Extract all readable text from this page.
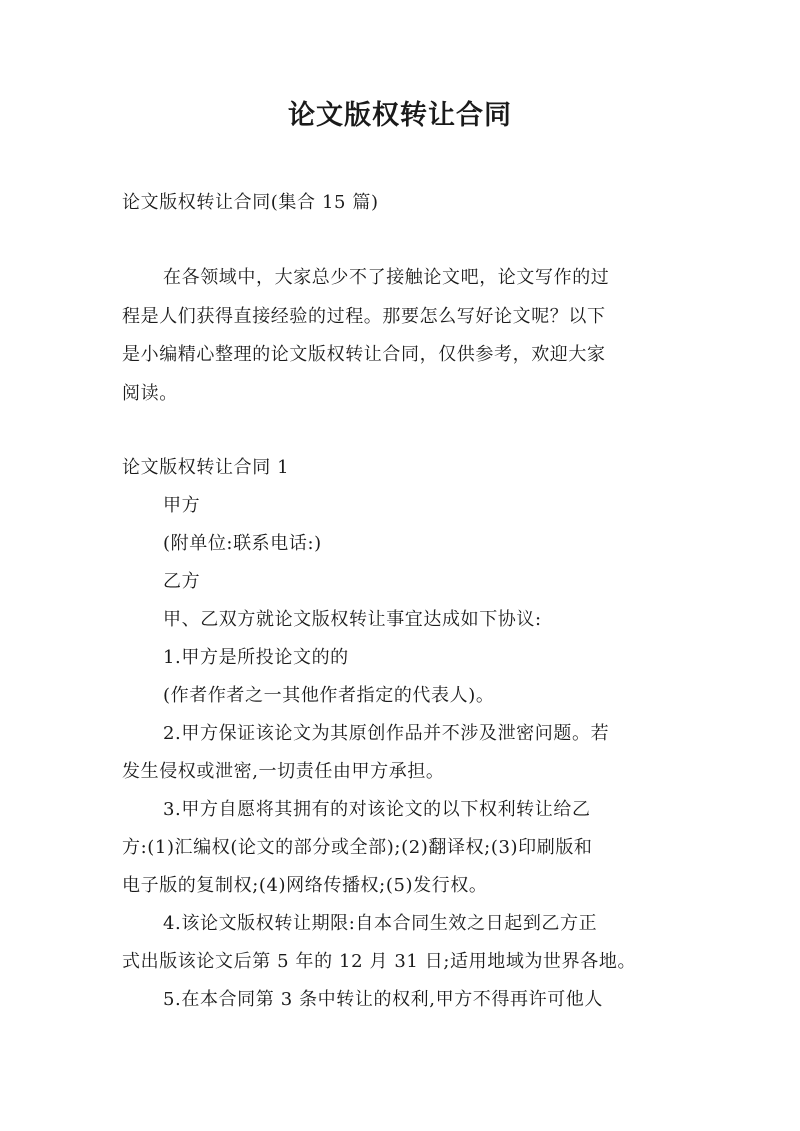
论文版权转让合同

论文版权转让合同(集合 15 篇)

在各领域中，大家总少不了接触论文吧，论文写作的过

程是人们获得直接经验的过程。那要怎么写好论文呢？以下

是小编精心整理的论文版权转让合同，仅供参考，欢迎大家

阅读。

论文版权转让合同 1

甲方

(附单位:联系电话:)

乙方

甲、乙双方就论文版权转让事宜达成如下协议:

1.甲方是所投论文的的

(作者作者之一其他作者指定的代表人)。

2.甲方保证该论文为其原创作品并不涉及泄密问题。若

发生侵权或泄密,一切责任由甲方承担。

3.甲方自愿将其拥有的对该论文的以下权利转让给乙

方:(1)汇编权(论文的部分或全部);(2)翻译权;(3)印刷版和

电子版的复制权;(4)网络传播权;(5)发行权。

4.该论文版权转让期限:自本合同生效之日起到乙方正

式出版该论文后第 5 年的 12 月 31 日;适用地域为世界各地。

5.在本合同第 3 条中转让的权利,甲方不得再许可他人
